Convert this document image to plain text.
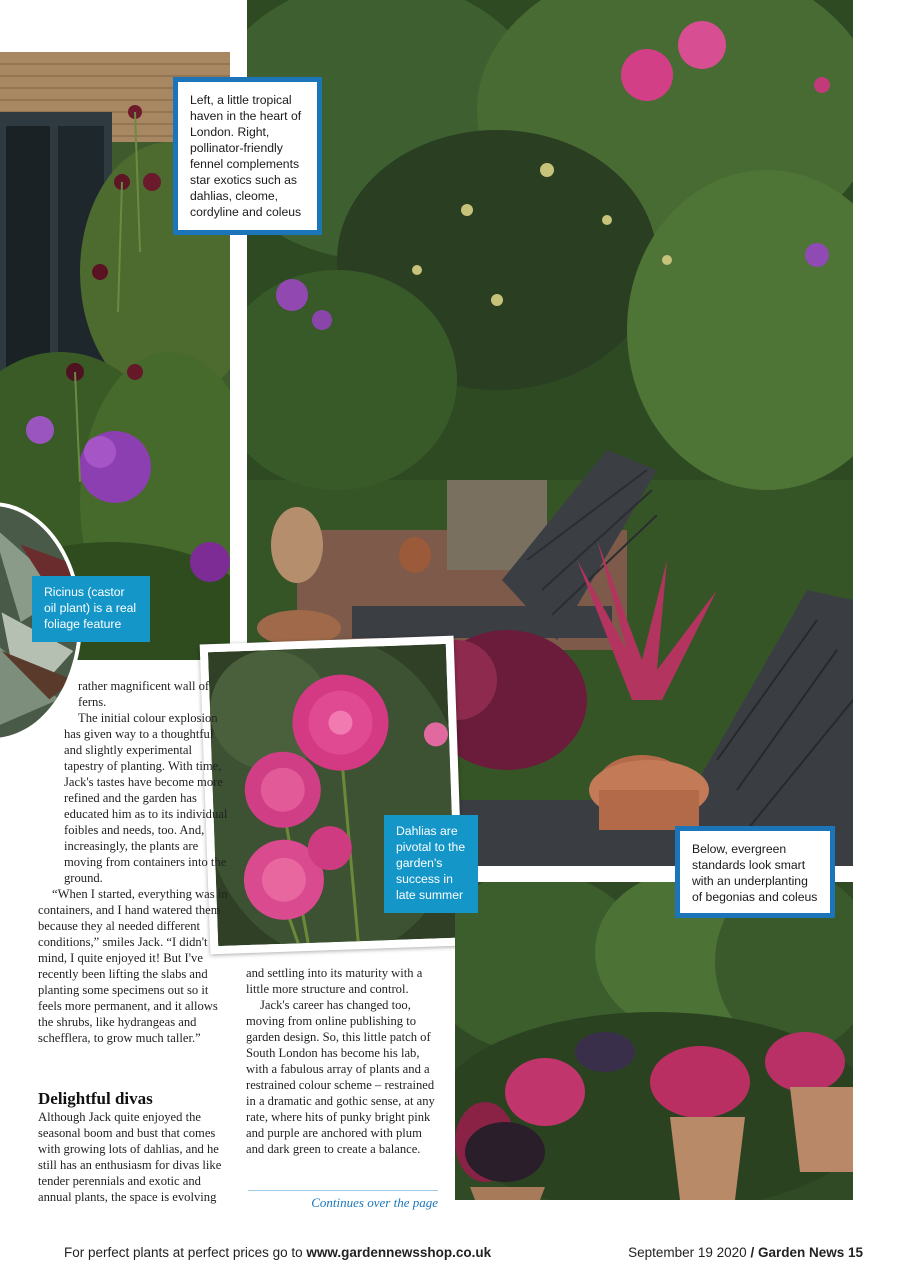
Left, a little tropical haven in the heart of London. Right, pollinator-friendly fennel complements star exotics such as dahlias, cleome, cordyline and coleus
Ricinus (castor oil plant) is a real foliage feature
Dahlias are pivotal to the garden's success in late summer
Below, evergreen standards look smart with an underplanting of begonias and coleus

rather magnificent wall of ferns.

The initial colour explosion has given way to a thoughtful and slightly experimental tapestry of planting. With time, Jack's tastes have become more refined and the garden has educated him as to its individual foibles and needs, too. And, increasingly, the plants are moving from containers into the ground.

“When I started, everything was in containers, and I hand watered them because they al needed different conditions,” smiles Jack. “I didn't mind, I quite enjoyed it! But I've recently been lifting the slabs and planting some specimens out so it feels more permanent, and it allows the shrubs, like hydrangeas and schefflera, to grow much taller.”

Delightful divas

Although Jack quite enjoyed the seasonal boom and bust that comes with growing lots of dahlias, and he still has an enthusiasm for divas like tender perennials and exotic and annual plants, the space is evolving

and settling into its maturity with a little more structure and control.

Jack's career has changed too, moving from online publishing to garden design. So, this little patch of South London has become his lab, with a fabulous array of plants and a restrained colour scheme – restrained in a dramatic and gothic sense, at any rate, where hits of punky bright pink and purple are anchored with plum and dark green to create a balance.

Continues over the page
For perfect plants at perfect prices go to www.gardennewsshop.co.uk	September 19 2020 / Garden News 15
